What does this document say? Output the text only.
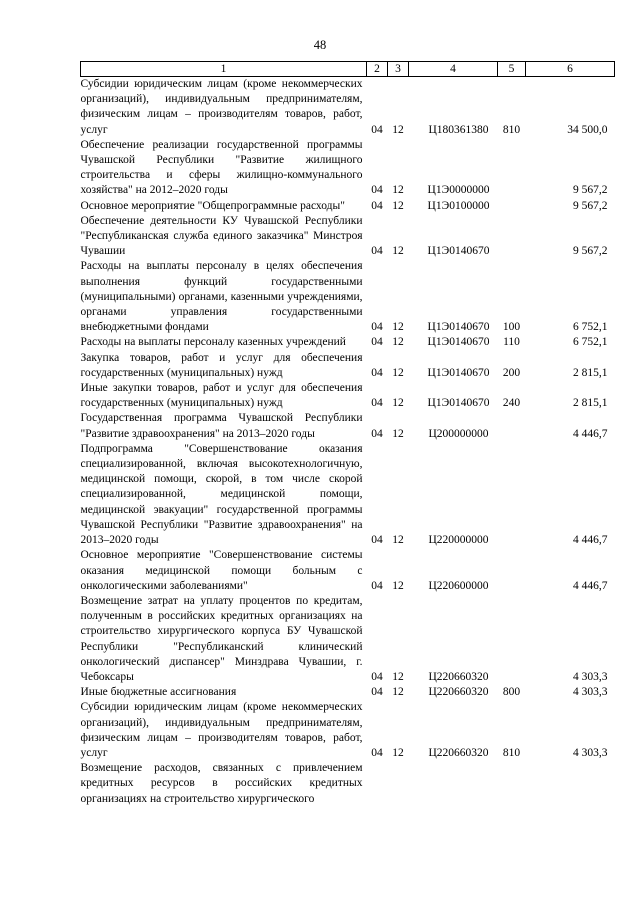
48
1	2	3	4	5	6
Субсидии юридическим лицам (кроме некоммерческих организаций), индивидуальным предпринимателям, физическим лицам – производителям товаров, работ, услуг	04	12	Ц180361380	810	34 500,0
Обеспечение реализации государственной программы Чувашской Республики "Развитие жилищного строительства и сферы жилищно-коммунального хозяйства" на 2012–2020 годы	04	12	Ц1Э0000000		9 567,2
Основное мероприятие "Общепрограммные расходы"	04	12	Ц1Э0100000		9 567,2
Обеспечение деятельности КУ Чувашской Республики "Республиканская служба единого заказчика" Минстроя Чувашии	04	12	Ц1Э0140670		9 567,2
Расходы на выплаты персоналу в целях обеспечения выполнения функций государственными (муниципальными) органами, казенными учреждениями, органами управления государственными внебюджетными фондами	04	12	Ц1Э0140670	100	6 752,1
Расходы на выплаты персоналу казенных учреждений	04	12	Ц1Э0140670	110	6 752,1
Закупка товаров, работ и услуг для обеспечения государственных (муниципальных) нужд	04	12	Ц1Э0140670	200	2 815,1
Иные закупки товаров, работ и услуг для обеспечения государственных (муниципальных) нужд	04	12	Ц1Э0140670	240	2 815,1
Государственная программа Чувашской Республики "Развитие здравоохранения" на 2013–2020 годы	04	12	Ц200000000		4 446,7
Подпрограмма "Совершенствование оказания специализированной, включая высокотехнологичную, медицинской помощи, скорой, в том числе скорой специализированной, медицинской помощи, медицинской эвакуации" государственной программы Чувашской Республики "Развитие здравоохранения" на 2013–2020 годы	04	12	Ц220000000		4 446,7
Основное мероприятие "Совершенствование системы оказания медицинской помощи больным с онкологическими заболеваниями"	04	12	Ц220600000		4 446,7
Возмещение затрат на уплату процентов по кредитам, полученным в российских кредитных организациях на строительство хирургического корпуса БУ Чувашской Республики "Республиканский клинический онкологический диспансер" Минздрава Чувашии, г. Чебоксары	04	12	Ц220660320		4 303,3
Иные бюджетные ассигнования	04	12	Ц220660320	800	4 303,3
Субсидии юридическим лицам (кроме некоммерческих организаций), индивидуальным предпринимателям, физическим лицам – производителям товаров, работ, услуг	04	12	Ц220660320	810	4 303,3
Возмещение расходов, связанных с привлечением кредитных ресурсов в российских кредитных организациях на строительство хирургического					
